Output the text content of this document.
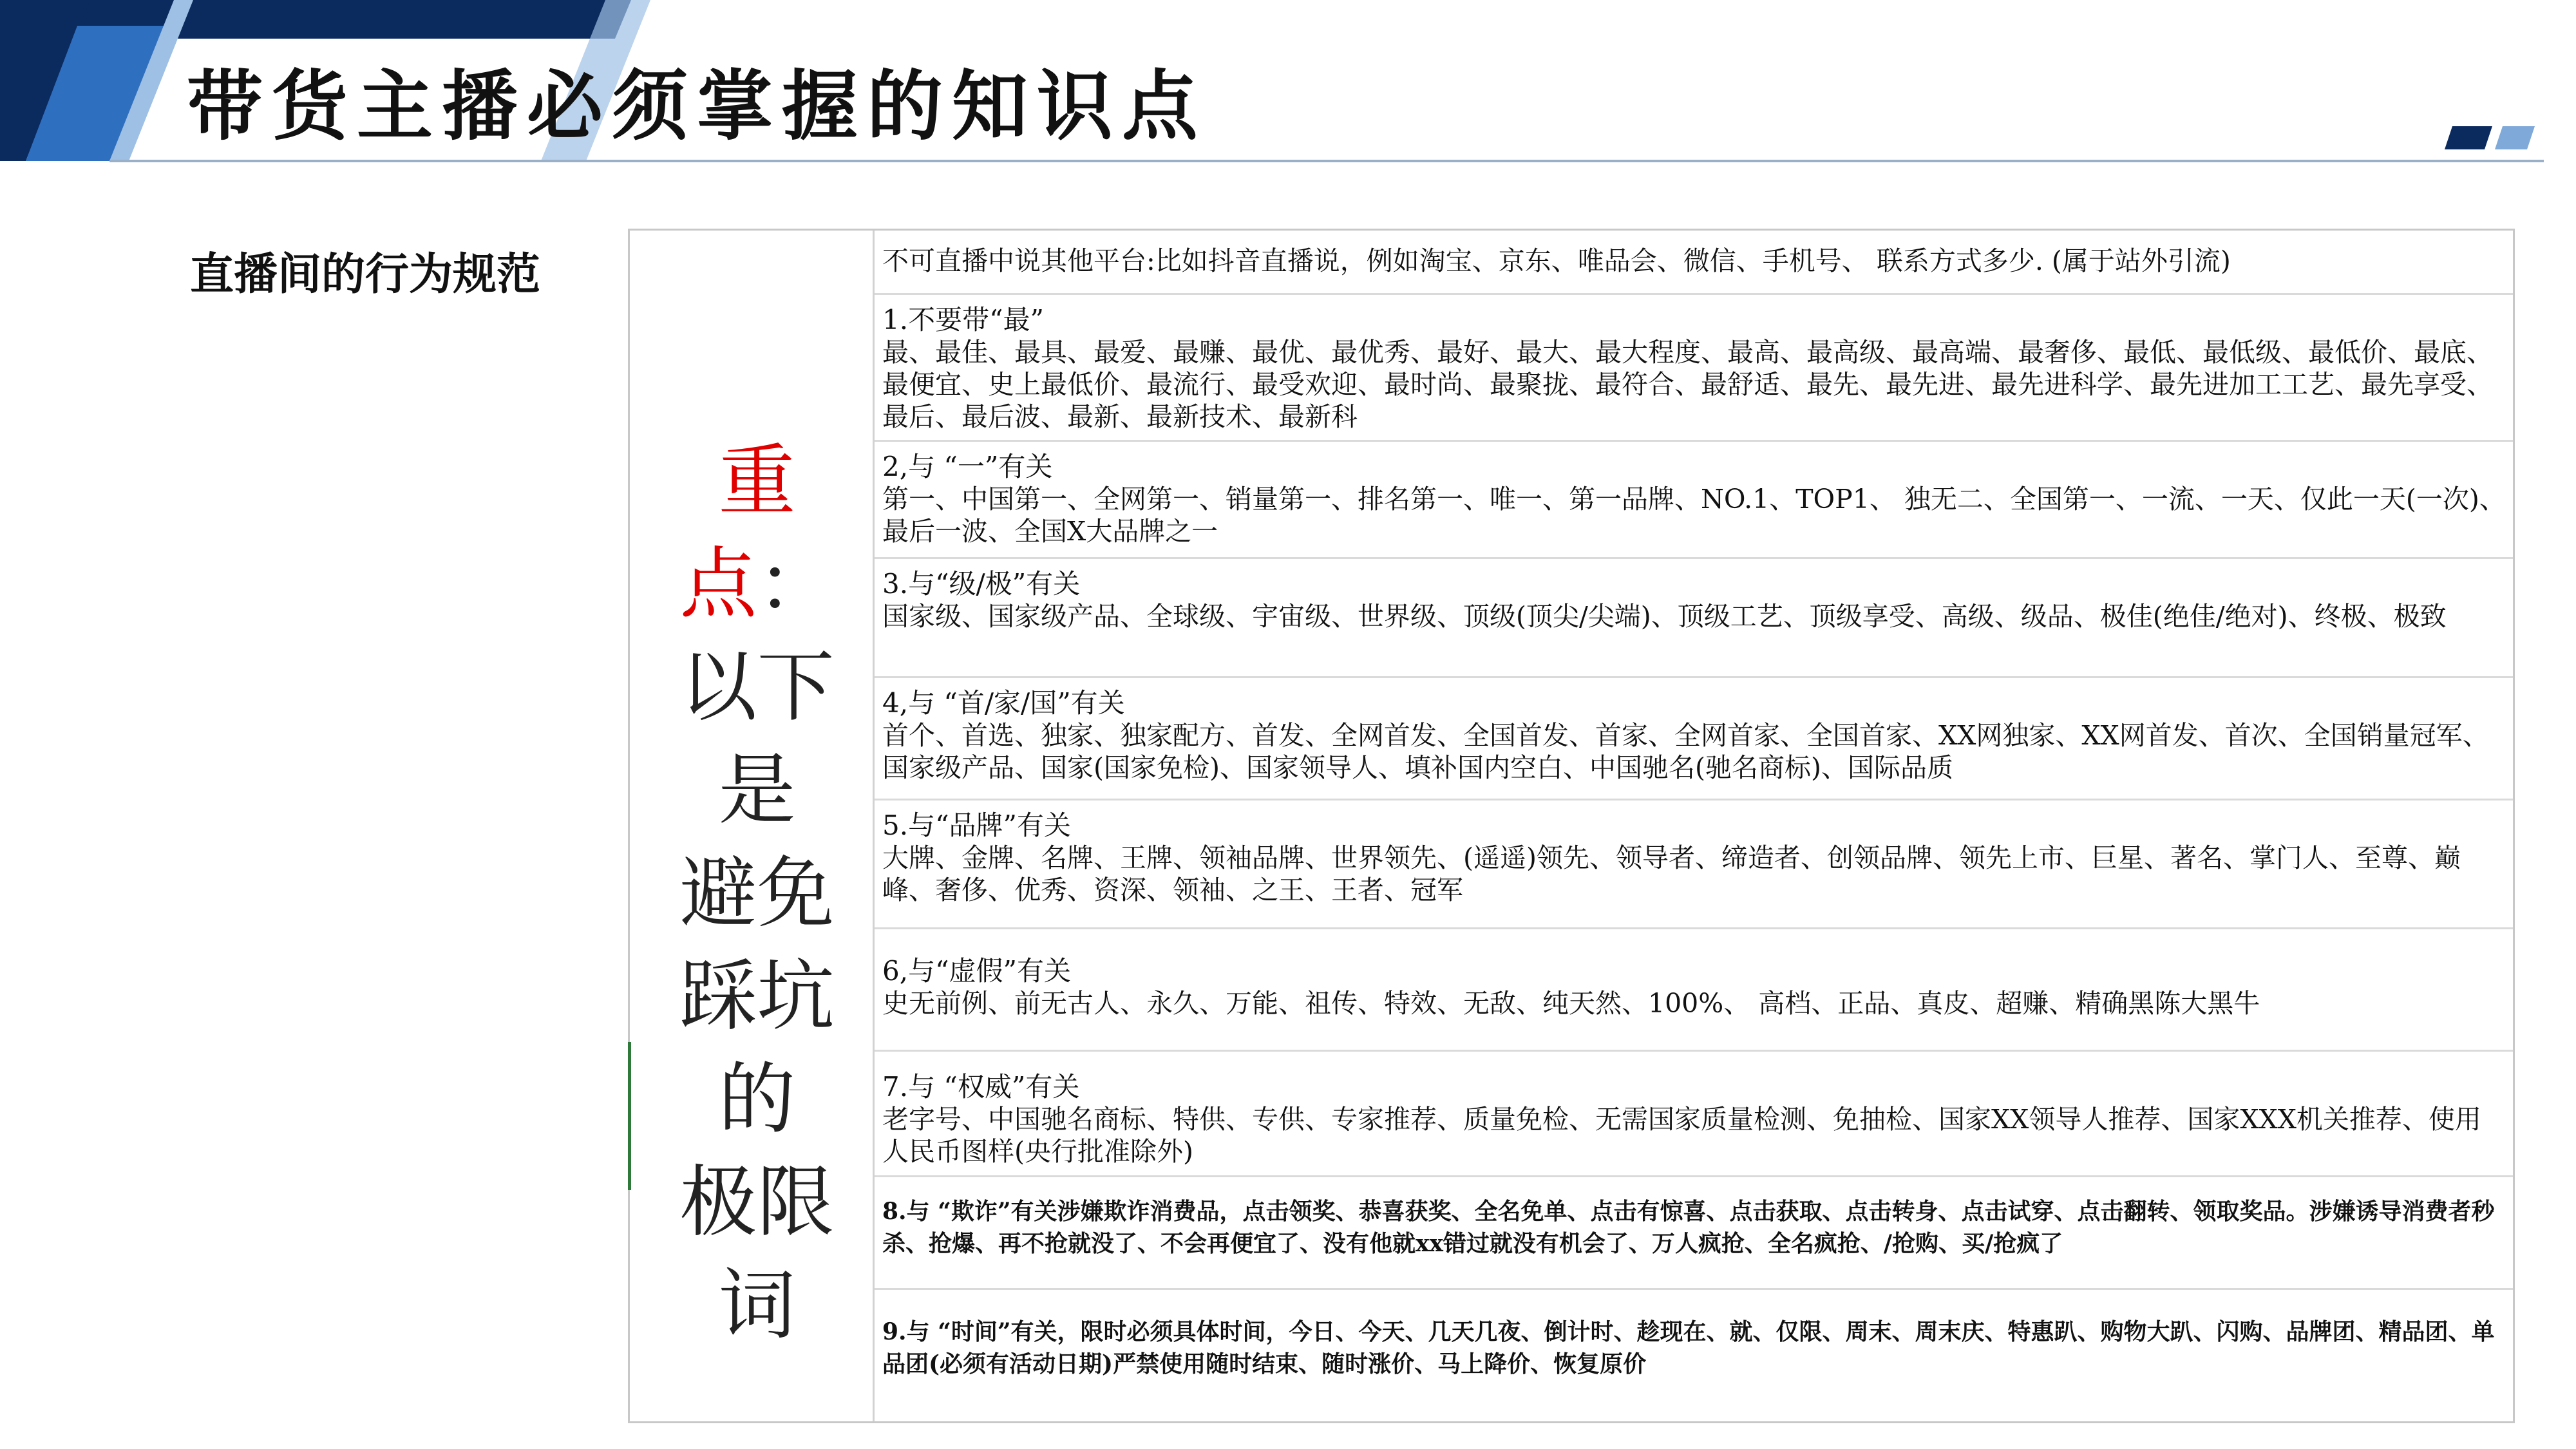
带货主播必须掌握的知识点
直播间的行为规范
重点：
以下
是
避免
踩坑
的
极限
词

不可直播中说其他平台:比如抖音直播说，例如淘宝、京东、唯品会、微信、手机号、 联系方式多少. (属于站外引流)

1.不要带“最”

最、最佳、最具、最爱、最赚、最优、最优秀、最好、最大、最大程度、最高、最高级、最高端、最奢侈、最低、最低级、最低价、最底、最便宜、史上最低价、最流行、最受欢迎、最时尚、最聚拢、最符合、最舒适、最先、最先进、最先进科学、最先进加工工艺、最先享受、最后、最后波、最新、最新技术、最新科

2,与 “一”有关

第一、中国第一、全网第一、销量第一、排名第一、唯一、第一品牌、NO.1、TOP1、 独无二、全国第一、一流、一天、仅此一天(一次)、最后一波、全国X大品牌之一

3.与“级/极”有关

国家级、国家级产品、全球级、宇宙级、世界级、顶级(顶尖/尖端)、顶级工艺、顶级享受、高级、级品、极佳(绝佳/绝对)、终极、极致

4,与 “首/家/国”有关

首个、首选、独家、独家配方、首发、全网首发、全国首发、首家、全网首家、全国首家、XX网独家、XX网首发、首次、全国销量冠军、国家级产品、国家(国家免检)、国家领导人、填补国内空白、中国驰名(驰名商标)、国际品质

5.与“品牌”有关

大牌、金牌、名牌、王牌、领袖品牌、世界领先、(遥遥)领先、领导者、缔造者、创领品牌、领先上市、巨星、著名、掌门人、至尊、巅峰、奢侈、优秀、资深、领袖、之王、王者、冠军

6,与“虚假”有关

史无前例、前无古人、永久、万能、祖传、特效、无敌、纯天然、100%、 高档、正品、真皮、超赚、精确黑陈大黑牛

7.与 “权威”有关

老字号、中国驰名商标、特供、专供、专家推荐、质量免检、无需国家质量检测、免抽检、国家XX领导人推荐、国家XXX机关推荐、使用人民币图样(央行批准除外)

8.与 “欺诈”有关涉嫌欺诈消费品，点击领奖、恭喜获奖、全名免单、点击有惊喜、点击获取、点击转身、点击试穿、点击翻转、领取奖品。涉嫌诱导消费者秒杀、抢爆、再不抢就没了、不会再便宜了、没有他就xx错过就没有机会了、万人疯抢、全名疯抢、/抢购、买/抢疯了

9.与 “时间”有关，限时必须具体时间，今日、今天、几天几夜、倒计时、趁现在、就、仅限、周末、周末庆、特惠趴、购物大趴、闪购、品牌团、精品团、单品团(必须有活动日期)严禁使用随时结束、随时涨价、马上降价、恢复原价
